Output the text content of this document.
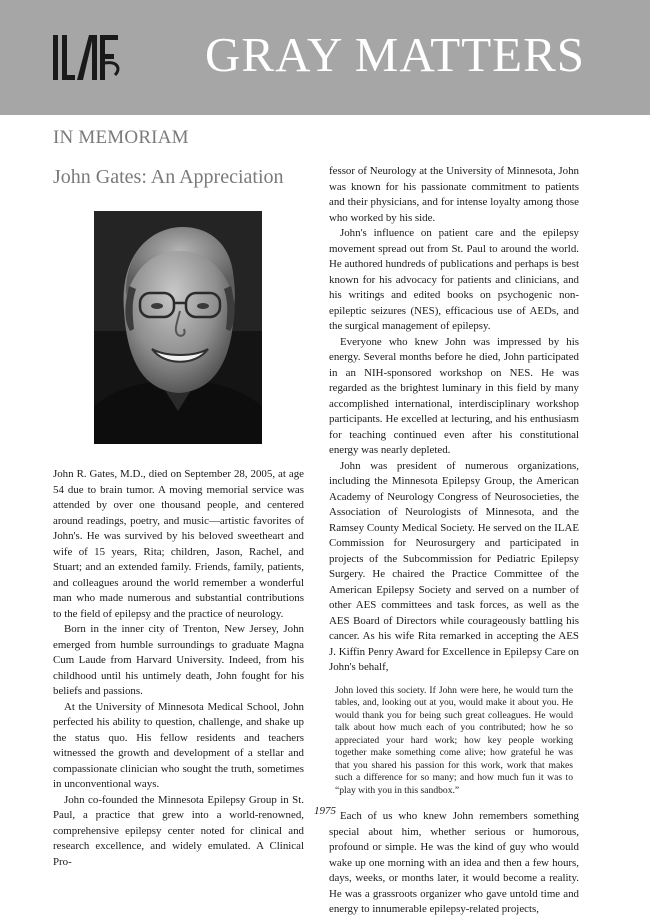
GRAY MATTERS
IN MEMORIAM
John Gates: An Appreciation

John R. Gates, M.D., died on September 28, 2005, at age 54 due to brain tumor. A moving memorial service was attended by over one thousand people, and centered around readings, poetry, and music—artistic favorites of John's. He was survived by his beloved sweetheart and wife of 15 years, Rita; children, Jason, Rachel, and Stuart; and an extended family. Friends, family, patients, and colleagues around the world remember a wonderful man who made numerous and substantial contributions to the field of epilepsy and the practice of neurology.

Born in the inner city of Trenton, New Jersey, John emerged from humble surroundings to graduate Magna Cum Laude from Harvard University. Indeed, from his childhood until his untimely death, John fought for his beliefs and passions.

At the University of Minnesota Medical School, John perfected his ability to question, challenge, and shake up the status quo. His fellow residents and teachers witnessed the growth and development of a stellar and compassionate clinician who sought the truth, sometimes in unconventional ways.

John co-founded the Minnesota Epilepsy Group in St. Paul, a practice that grew into a world-renowned, comprehensive epilepsy center noted for clinical and research excellence, and widely emulated. A Clinical Pro-

fessor of Neurology at the University of Minnesota, John was known for his passionate commitment to patients and their physicians, and for intense loyalty among those who worked by his side.

John's influence on patient care and the epilepsy movement spread out from St. Paul to around the world. He authored hundreds of publications and perhaps is best known for his advocacy for patients and clinicians, and his writings and edited books on psychogenic non-epileptic seizures (NES), efficacious use of AEDs, and the surgical management of epilepsy.

Everyone who knew John was impressed by his energy. Several months before he died, John participated in an NIH-sponsored workshop on NES. He was regarded as the brightest luminary in this field by many accomplished international, interdisciplinary workshop participants. He excelled at lecturing, and his enthusiasm for teaching continued even after his constitutional energy was nearly depleted.

John was president of numerous organizations, including the Minnesota Epilepsy Group, the American Academy of Neurology Congress of Neurosocieties, the Association of Neurologists of Minnesota, and the Ramsey County Medical Society. He served on the ILAE Commission for Neurosurgery and participated in projects of the Subcommission for Pediatric Epilepsy Surgery. He chaired the Practice Committee of the American Epilepsy Society and served on a number of other AES committees and task forces, as well as the AES Board of Directors while courageously battling his cancer. As his wife Rita remarked in accepting the AES J. Kiffin Penry Award for Excellence in Epilepsy Care on John's behalf,

John loved this society. If John were here, he would turn the tables, and, looking out at you, would make it about you. He would thank you for being such great colleagues. He would talk about how much each of you contributed; how he so appreciated your hard work; how key people working together make something come alive; how grateful he was that you shared his passion for this work, work that makes such a difference for so many; and how much fun it was to “play with you in this sandbox.”

Each of us who knew John remembers something special about him, whether serious or humorous, profound or simple. He was the kind of guy who would wake up one morning with an idea and then a few hours, days, weeks, or months later, it would become a reality. He was a grassroots organizer who gave untold time and energy to innumerable epilepsy-related projects,

1975
